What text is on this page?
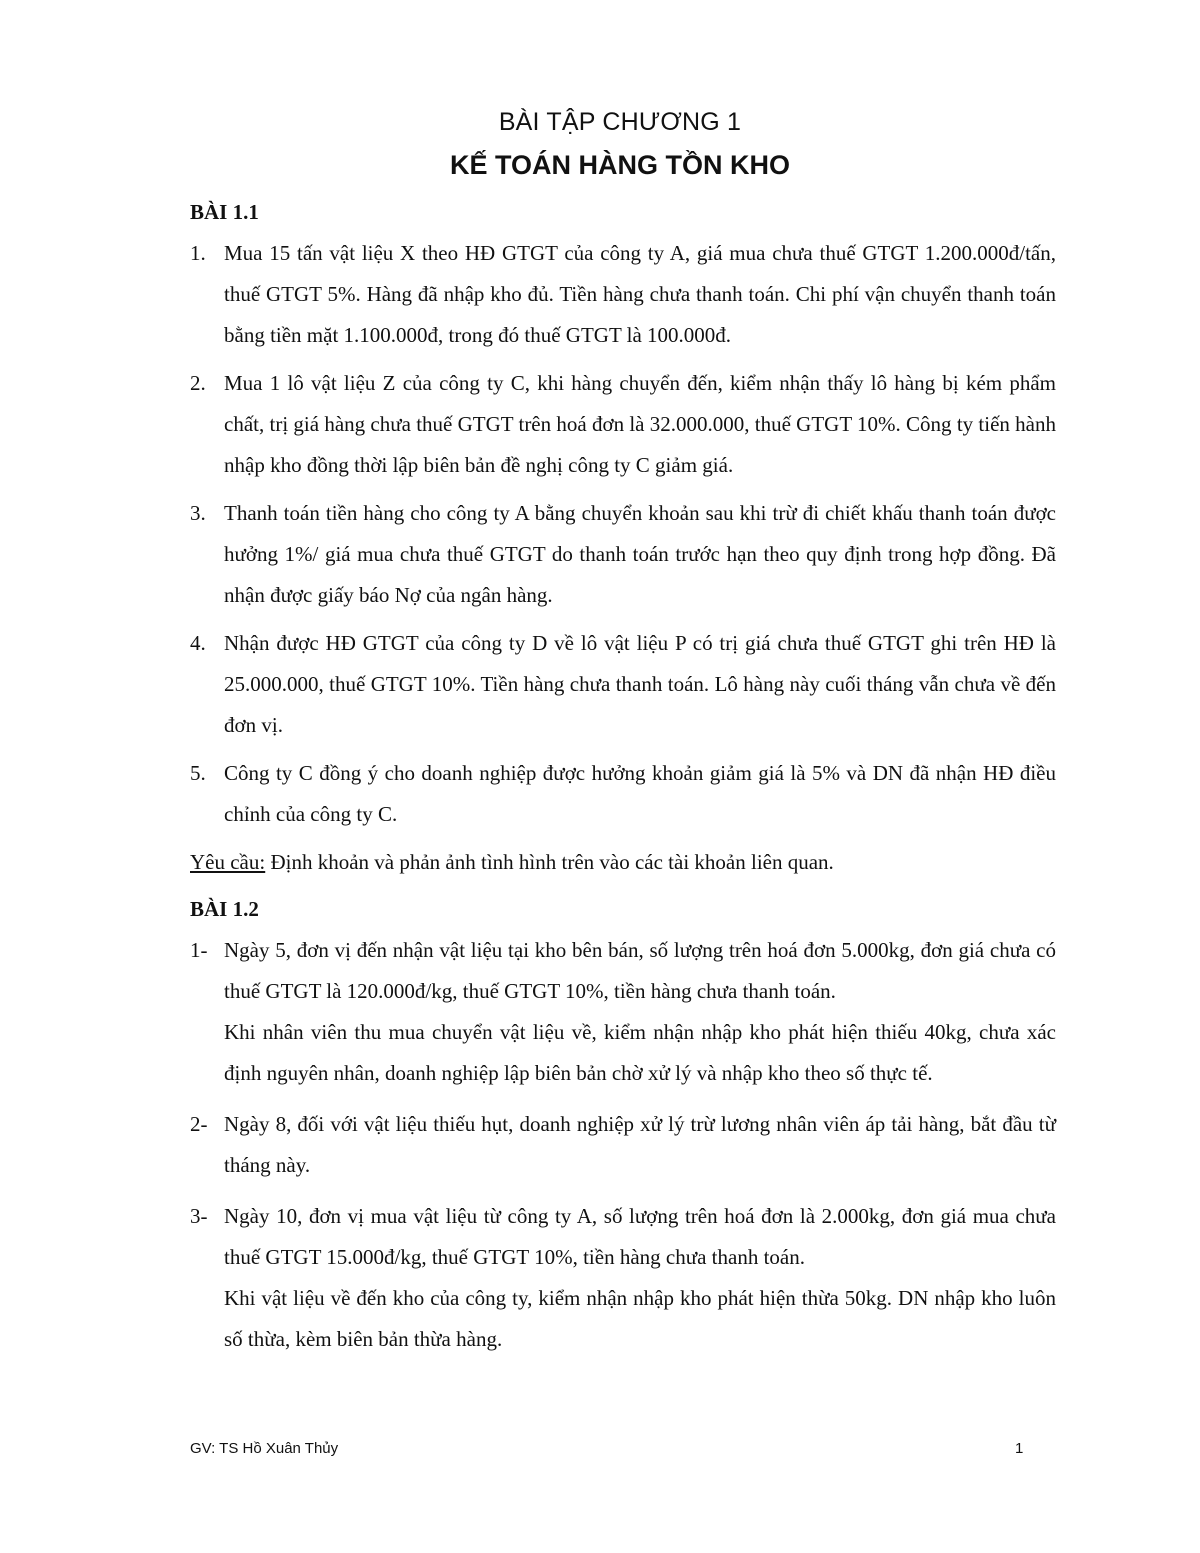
BÀI TẬP CHƯƠNG 1
KẾ TOÁN HÀNG TỒN KHO
BÀI 1.1
1. Mua 15 tấn vật liệu X theo HĐ GTGT của công ty A, giá mua chưa thuế GTGT 1.200.000đ/tấn, thuế GTGT 5%. Hàng đã nhập kho đủ. Tiền hàng chưa thanh toán. Chi phí vận chuyển thanh toán bằng tiền mặt 1.100.000đ, trong đó thuế GTGT là 100.000đ.
2. Mua 1 lô vật liệu Z của công ty C, khi hàng chuyển đến, kiểm nhận thấy lô hàng bị kém phẩm chất, trị giá hàng chưa thuế GTGT trên hoá đơn là 32.000.000, thuế GTGT 10%. Công ty tiến hành nhập kho đồng thời lập biên bản đề nghị công ty C giảm giá.
3. Thanh toán tiền hàng cho công ty A bằng chuyển khoản sau khi trừ đi chiết khấu thanh toán được hưởng 1%/ giá mua chưa thuế GTGT do thanh toán trước hạn theo quy định trong hợp đồng. Đã nhận được giấy báo Nợ của ngân hàng.
4. Nhận được HĐ GTGT của công ty D về lô vật liệu P có trị giá chưa thuế GTGT ghi trên HĐ là 25.000.000, thuế GTGT 10%. Tiền hàng chưa thanh toán. Lô hàng này cuối tháng vẫn chưa về đến đơn vị.
5. Công ty C đồng ý cho doanh nghiệp được hưởng khoản giảm giá là 5% và DN đã nhận HĐ điều chỉnh của công ty C.
Yêu cầu: Định khoản và phản ảnh tình hình trên vào các tài khoản liên quan.
BÀI 1.2
1- Ngày 5, đơn vị đến nhận vật liệu tại kho bên bán, số lượng trên hoá đơn 5.000kg, đơn giá chưa có thuế GTGT là 120.000đ/kg, thuế GTGT 10%, tiền hàng chưa thanh toán.
Khi nhân viên thu mua chuyển vật liệu về, kiểm nhận nhập kho phát hiện thiếu 40kg, chưa xác định nguyên nhân, doanh nghiệp lập biên bản chờ xử lý và nhập kho theo số thực tế.
2- Ngày 8, đối với vật liệu thiếu hụt, doanh nghiệp xử lý trừ lương nhân viên áp tải hàng, bắt đầu từ tháng này.
3- Ngày 10, đơn vị mua vật liệu từ công ty A, số lượng trên hoá đơn là 2.000kg, đơn giá mua chưa thuế GTGT 15.000đ/kg, thuế GTGT 10%, tiền hàng chưa thanh toán.
Khi vật liệu về đến kho của công ty, kiểm nhận nhập kho phát hiện thừa 50kg. DN nhập kho luôn số thừa, kèm biên bản thừa hàng.
GV: TS Hồ Xuân Thủy	1
